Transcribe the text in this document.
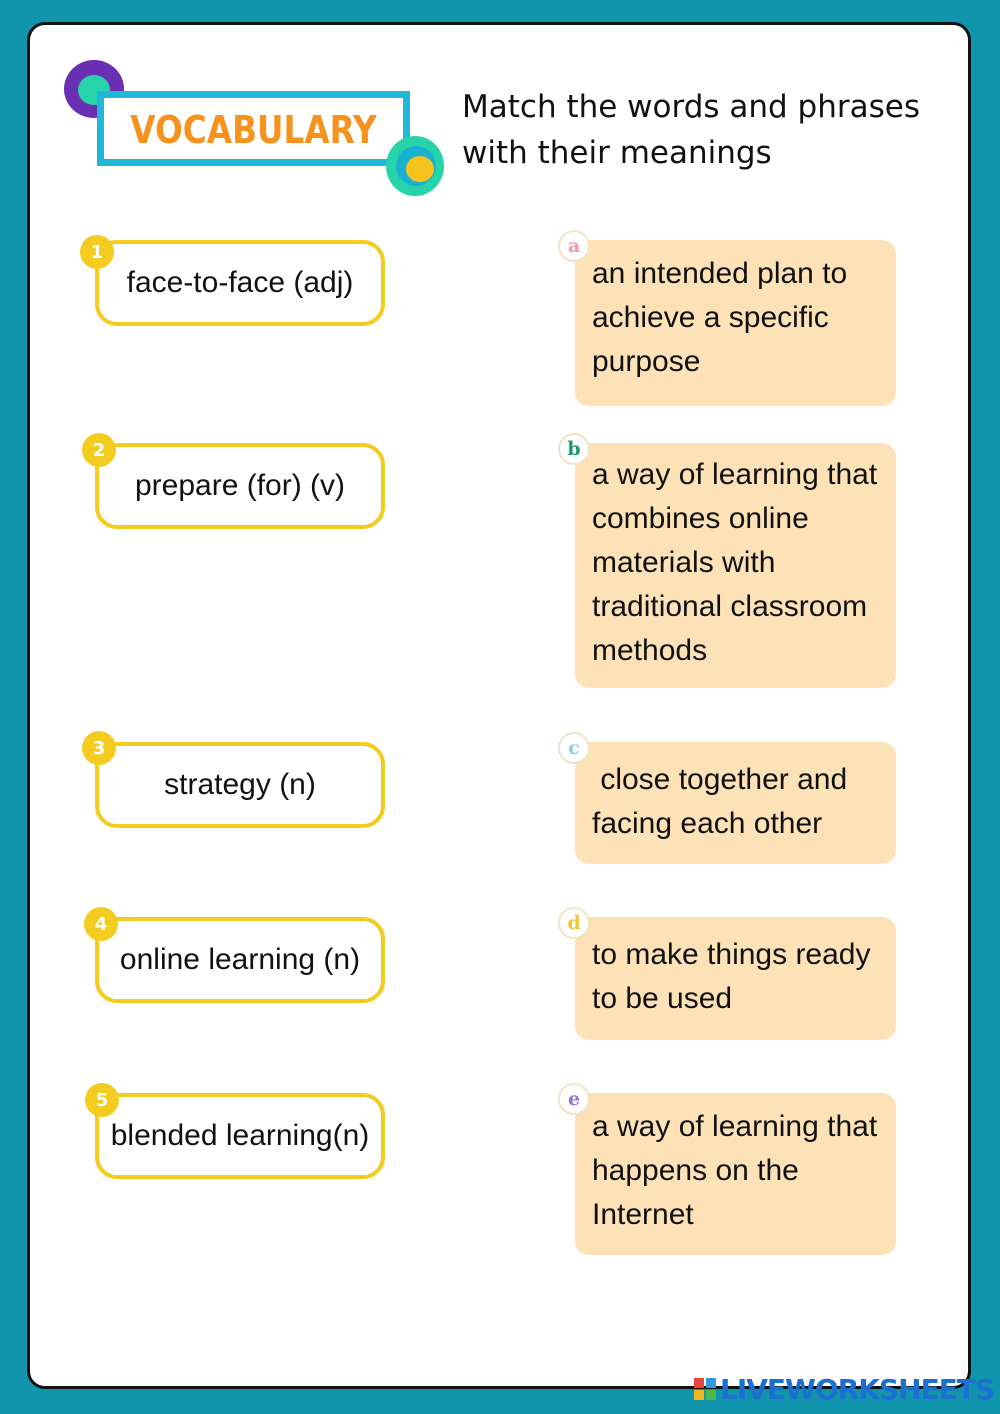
VOCABULARY
Match the words and phrases
with their meanings
face-to-face (adj)
1
prepare (for) (v)
2
strategy (n)
3
online learning (n)
4
blended learning(n)
5
an intended plan to
achieve a specific
purpose
a
a way of learning that
combines online
materials with
traditional classroom
methods
b
close together and
facing each other
c
to make things ready
to be used
d
a way of learning that
happens on the
Internet
e
LIVEWORKSHEETS
